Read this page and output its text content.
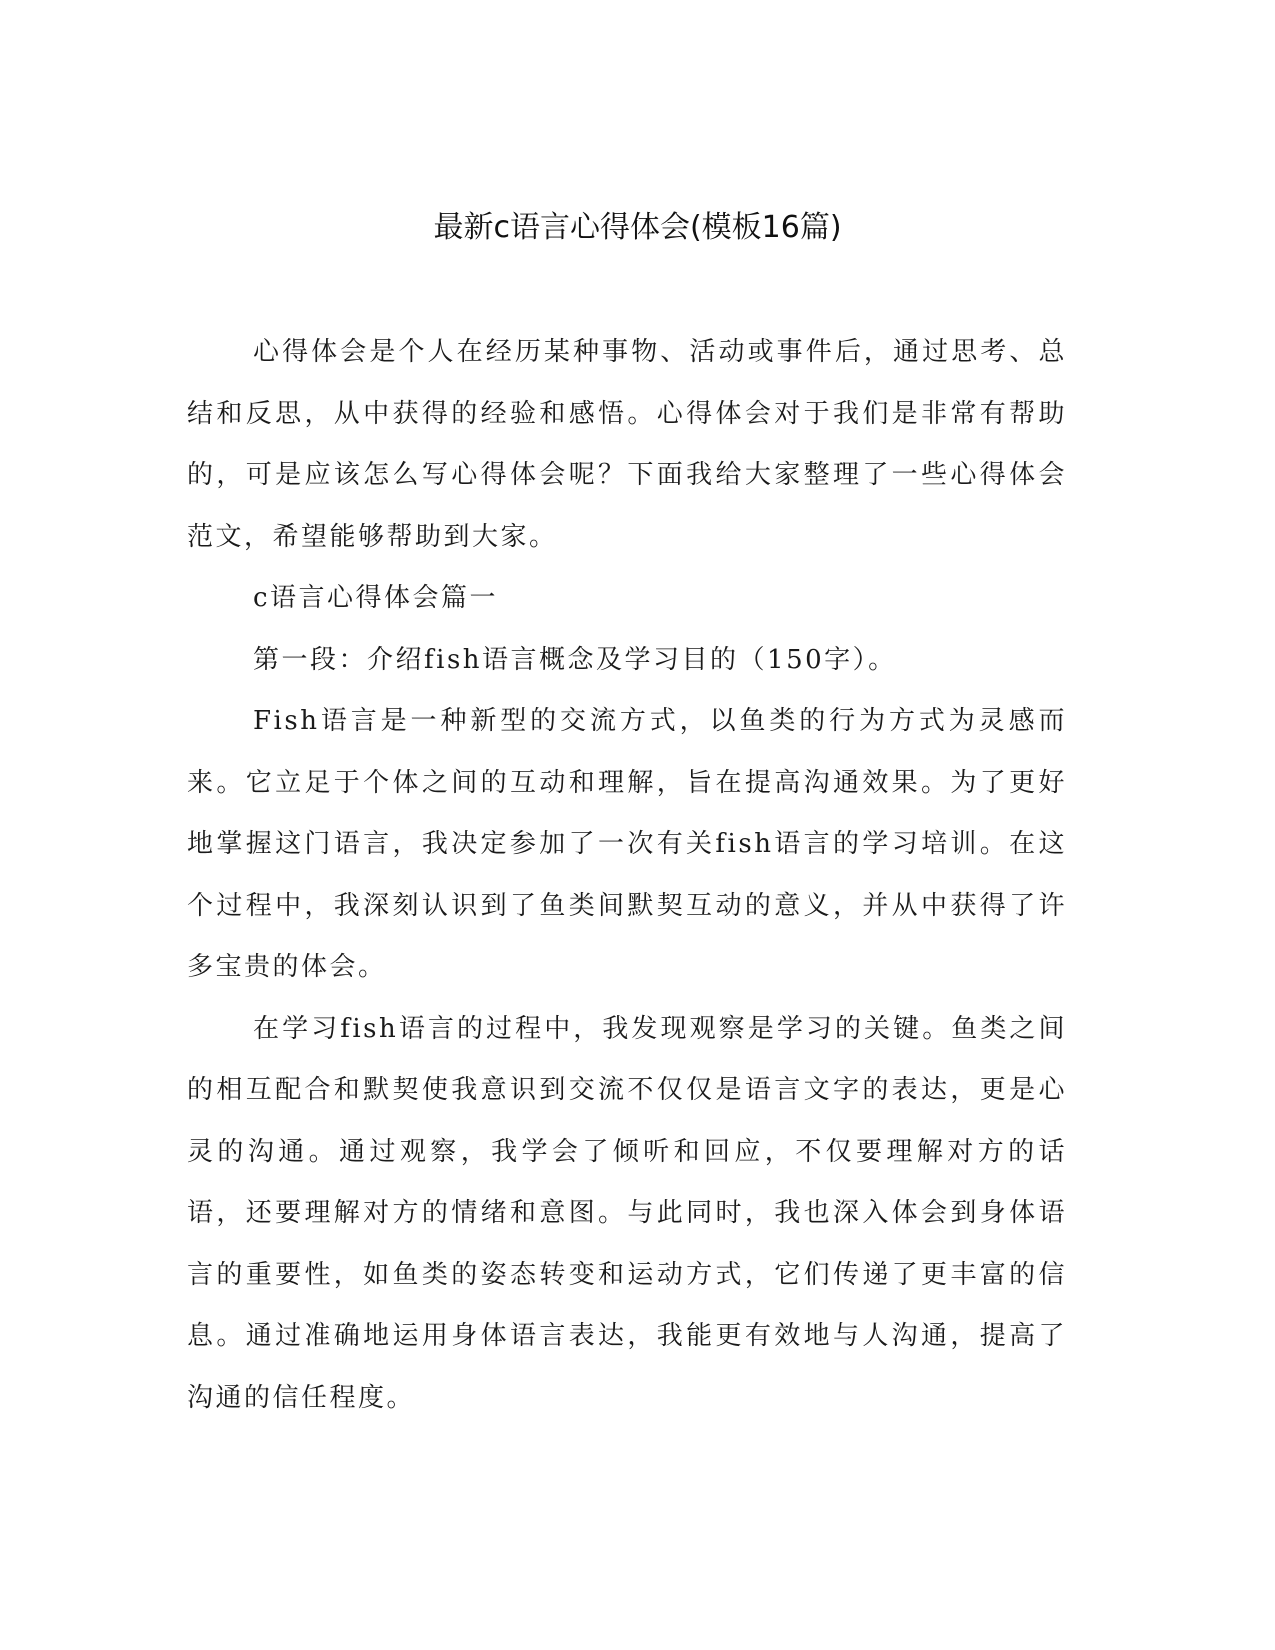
最新c语言心得体会(模板16篇)

心得体会是个人在经历某种事物、活动或事件后，通过思考、总结和反思，从中获得的经验和感悟。心得体会对于我们是非常有帮助的，可是应该怎么写心得体会呢？下面我给大家整理了一些心得体会范文，希望能够帮助到大家。

c语言心得体会篇一

第一段：介绍fish语言概念及学习目的（150字）。

Fish语言是一种新型的交流方式，以鱼类的行为方式为灵感而来。它立足于个体之间的互动和理解，旨在提高沟通效果。为了更好地掌握这门语言，我决定参加了一次有关fish语言的学习培训。在这个过程中，我深刻认识到了鱼类间默契互动的意义，并从中获得了许多宝贵的体会。

在学习fish语言的过程中，我发现观察是学习的关键。鱼类之间的相互配合和默契使我意识到交流不仅仅是语言文字的表达，更是心灵的沟通。通过观察，我学会了倾听和回应，不仅要理解对方的话语，还要理解对方的情绪和意图。与此同时，我也深入体会到身体语言的重要性，如鱼类的姿态转变和运动方式，它们传递了更丰富的信息。通过准确地运用身体语言表达，我能更有效地与人沟通，提高了沟通的信任程度。
